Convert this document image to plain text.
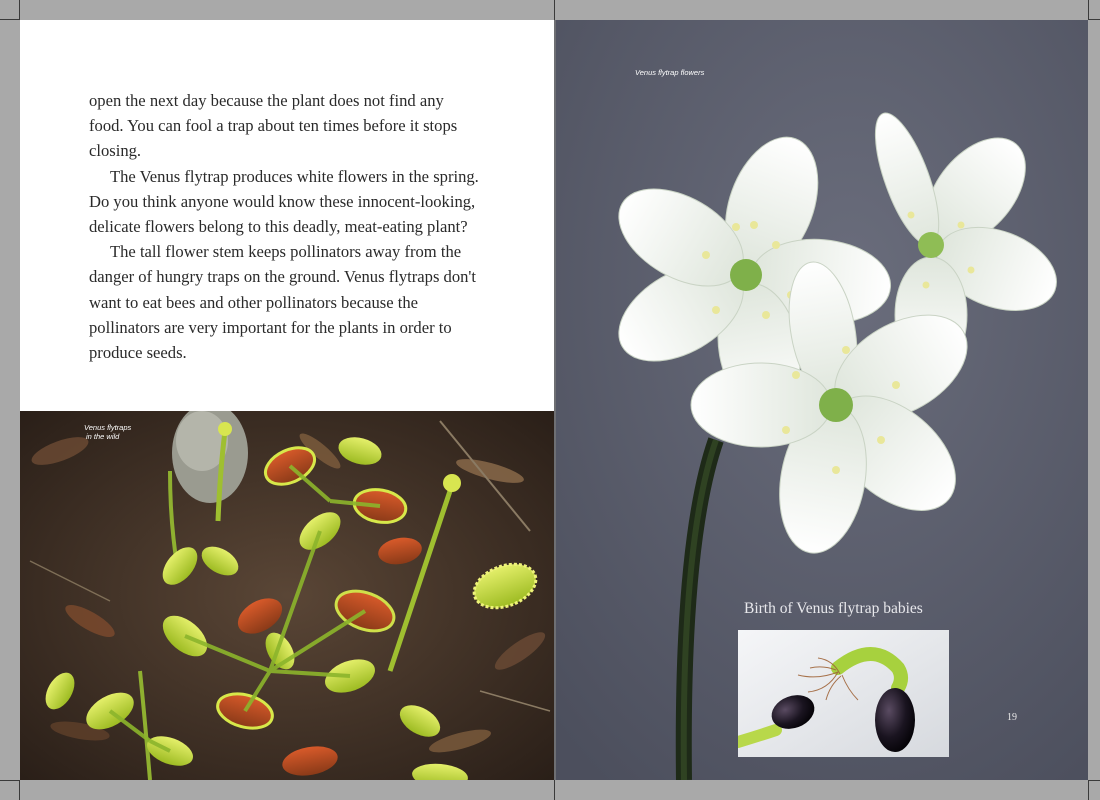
open the next day because the plant does not find any food. You can fool a trap about ten times before it stops closing.

The Venus flytrap produces white flowers in the spring. Do you think anyone would know these innocent-looking, delicate flowers belong to this deadly, meat-eating plant?

The tall flower stem keeps pollinators away from the danger of hungry traps on the ground. Venus flytraps don't want to eat bees and other pollinators because the pollinators are very important for the plants in order to produce seeds.

Venus flytraps
in the wild
Venus flytrap flowers
Birth of Venus flytrap babies
19
